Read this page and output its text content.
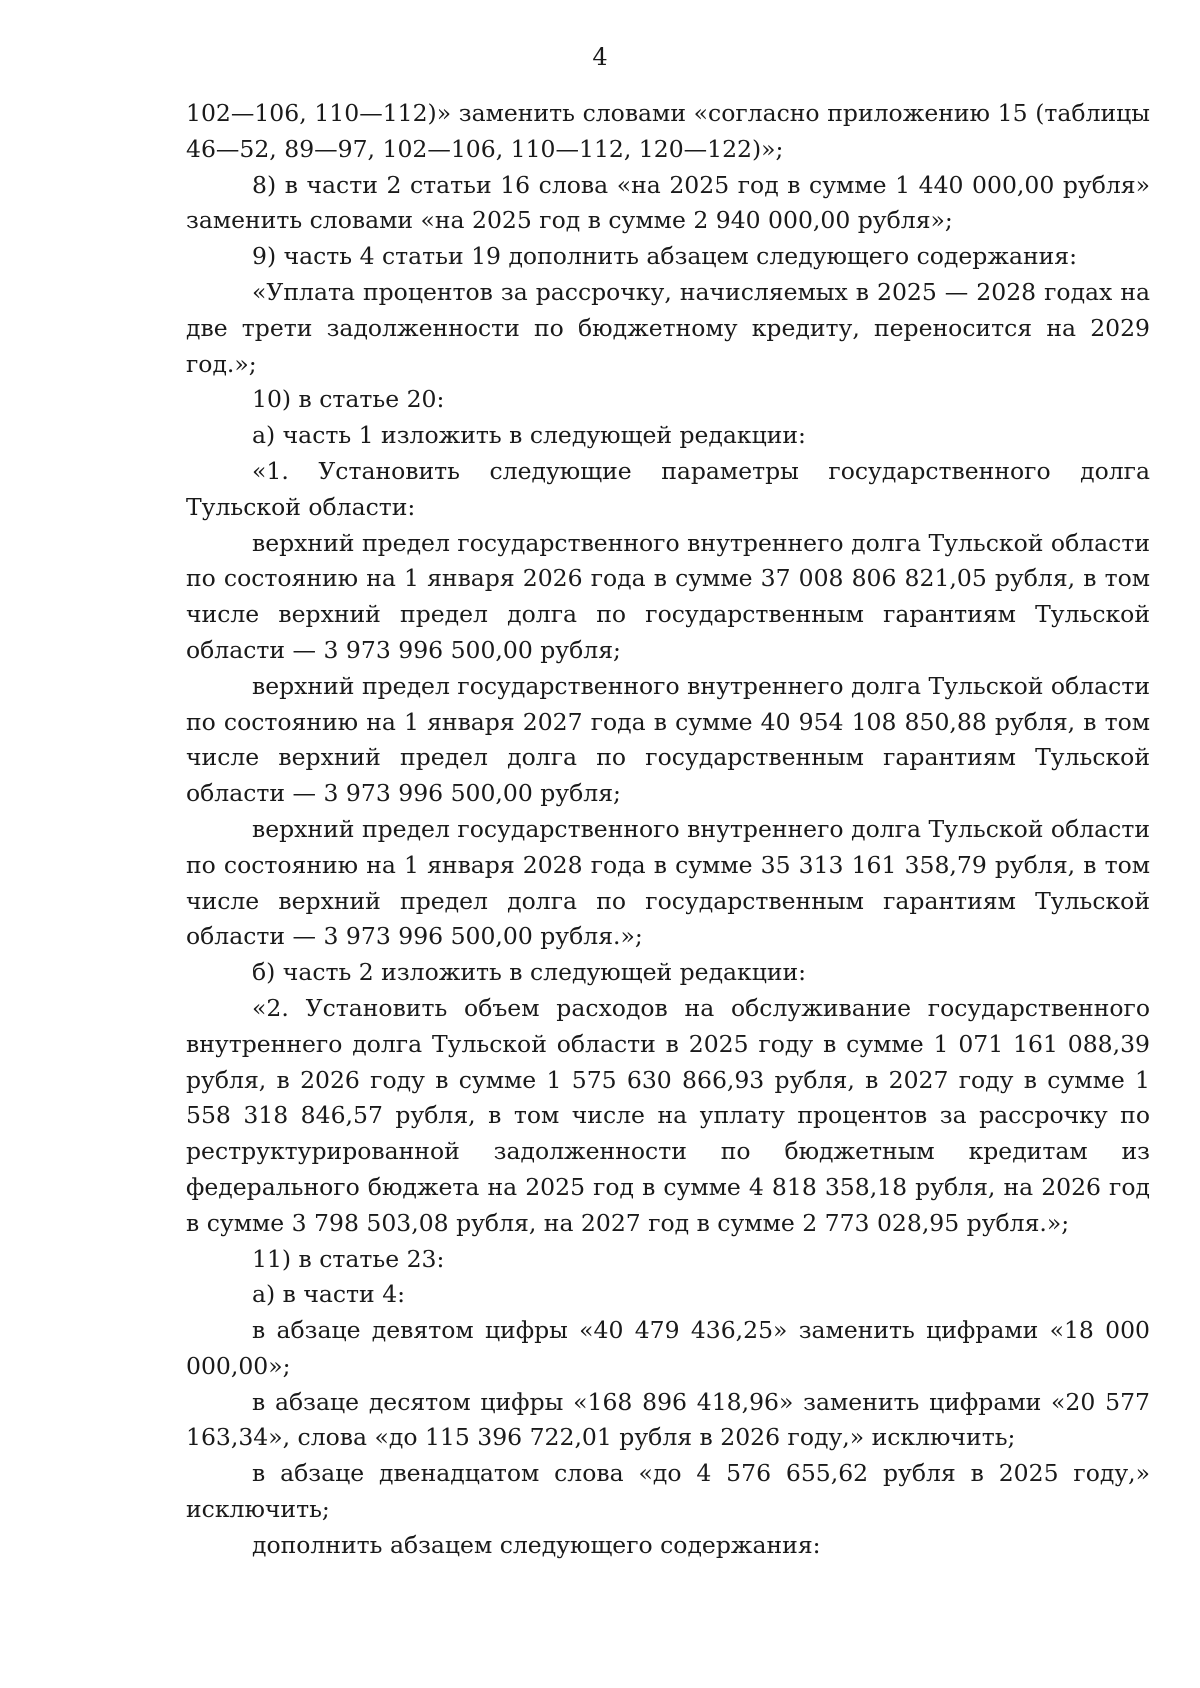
4

102—106, 110—112)» заменить словами «согласно приложению 15 (таблицы 46—52, 89—97, 102—106, 110—112, 120—122)»;

8) в части 2 статьи 16 слова «на 2025 год в сумме 1 440 000,00 рубля» заменить словами «на 2025 год в сумме 2 940 000,00 рубля»;

9) часть 4 статьи 19 дополнить абзацем следующего содержания:

«Уплата процентов за рассрочку, начисляемых в 2025 — 2028 годах на две трети задолженности по бюджетному кредиту, переносится на 2029 год.»;

10) в статье 20:

а) часть 1 изложить в следующей редакции:

«1. Установить следующие параметры государственного долга Тульской области:

верхний предел государственного внутреннего долга Тульской области по состоянию на 1 января 2026 года в сумме 37 008 806 821,05 рубля, в том числе верхний предел долга по государственным гарантиям Тульской области — 3 973 996 500,00 рубля;

верхний предел государственного внутреннего долга Тульской области по состоянию на 1 января 2027 года в сумме 40 954 108 850,88 рубля, в том числе верхний предел долга по государственным гарантиям Тульской области — 3 973 996 500,00 рубля;

верхний предел государственного внутреннего долга Тульской области по состоянию на 1 января 2028 года в сумме 35 313 161 358,79 рубля, в том числе верхний предел долга по государственным гарантиям Тульской области — 3 973 996 500,00 рубля.»;

б) часть 2 изложить в следующей редакции:

«2. Установить объем расходов на обслуживание государственного внутреннего долга Тульской области в 2025 году в сумме 1 071 161 088,39 рубля, в 2026 году в сумме 1 575 630 866,93 рубля, в 2027 году в сумме 1 558 318 846,57 рубля, в том числе на уплату процентов за рассрочку по реструктурированной задолженности по бюджетным кредитам из федерального бюджета на 2025 год в сумме 4 818 358,18 рубля, на 2026 год в сумме 3 798 503,08 рубля, на 2027 год в сумме 2 773 028,95 рубля.»;

11) в статье 23:

а) в части 4:

в абзаце девятом цифры «40 479 436,25» заменить цифрами «18 000 000,00»;

в абзаце десятом цифры «168 896 418,96» заменить цифрами «20 577 163,34», слова «до 115 396 722,01 рубля в 2026 году,» исключить;

в абзаце двенадцатом слова «до 4 576 655,62 рубля в 2025 году,» исключить;

дополнить абзацем следующего содержания:
